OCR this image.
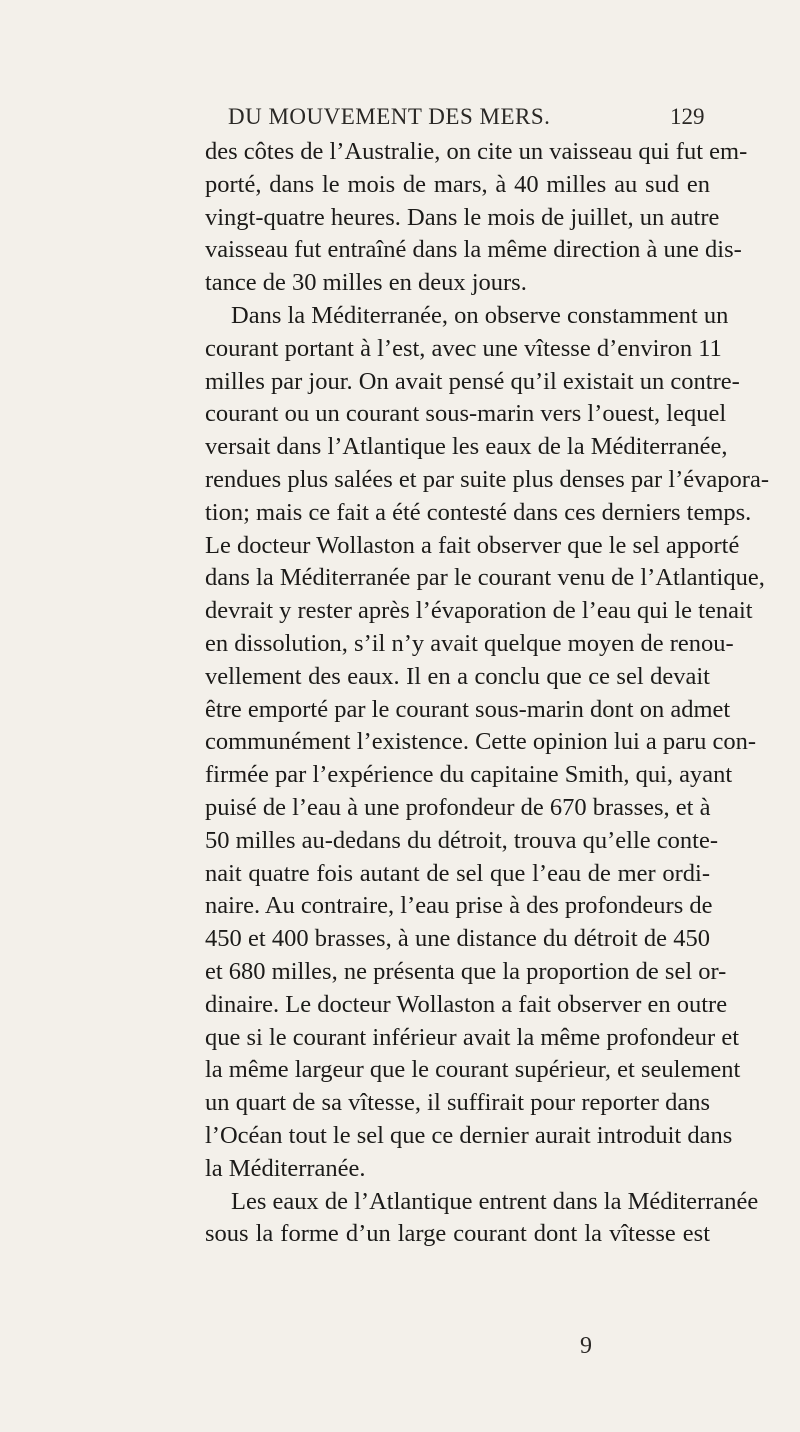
DU MOUVEMENT DES MERS.	129
des côtes de l’Australie, on cite un vaisseau qui fut em-
porté, dans le mois de mars, à 40 milles au sud en
vingt-quatre heures. Dans le mois de juillet, un autre
vaisseau fut entraîné dans la même direction à une dis-
tance de 30 milles en deux jours.
Dans la Méditerranée, on observe constamment un
courant portant à l’est, avec une vîtesse d’environ 11
milles par jour. On avait pensé qu’il existait un contre-
courant ou un courant sous-marin vers l’ouest, lequel
versait dans l’Atlantique les eaux de la Méditerranée,
rendues plus salées et par suite plus denses par l’évapora-
tion; mais ce fait a été contesté dans ces derniers temps.
Le docteur Wollaston a fait observer que le sel apporté
dans la Méditerranée par le courant venu de l’Atlantique,
devrait y rester après l’évaporation de l’eau qui le tenait
en dissolution, s’il n’y avait quelque moyen de renou-
vellement des eaux. Il en a conclu que ce sel devait
être emporté par le courant sous-marin dont on admet
communément l’existence. Cette opinion lui a paru con-
firmée par l’expérience du capitaine Smith, qui, ayant
puisé de l’eau à une profondeur de 670 brasses, et à
50 milles au-dedans du détroit, trouva qu’elle conte-
nait quatre fois autant de sel que l’eau de mer ordi-
naire. Au contraire, l’eau prise à des profondeurs de
450 et 400 brasses, à une distance du détroit de 450
et 680 milles, ne présenta que la proportion de sel or-
dinaire. Le docteur Wollaston a fait observer en outre
que si le courant inférieur avait la même profondeur et
la même largeur que le courant supérieur, et seulement
un quart de sa vîtesse, il suffirait pour reporter dans
l’Océan tout le sel que ce dernier aurait introduit dans
la Méditerranée.
Les eaux de l’Atlantique entrent dans la Méditerranée
sous la forme d’un large courant dont la vîtesse est
9
